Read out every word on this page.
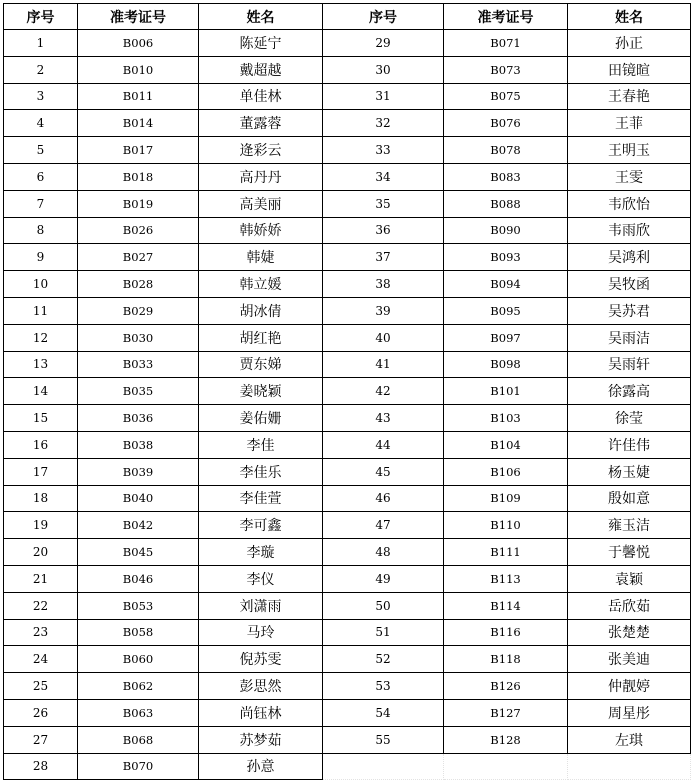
序号	准考证号	姓名	序号	准考证号	姓名
1	B006	陈延宁	29	B071	孙正
2	B010	戴超越	30	B073	田镜暄
3	B011	单佳林	31	B075	王春艳
4	B014	董露蓉	32	B076	王菲
5	B017	逄彩云	33	B078	王明玉
6	B018	高丹丹	34	B083	王雯
7	B019	高美丽	35	B088	韦欣怡
8	B026	韩娇娇	36	B090	韦雨欣
9	B027	韩婕	37	B093	吴鸿利
10	B028	韩立媛	38	B094	吴牧函
11	B029	胡冰倩	39	B095	吴苏君
12	B030	胡红艳	40	B097	吴雨洁
13	B033	贾东娣	41	B098	吴雨轩
14	B035	姜晓颖	42	B101	徐露高
15	B036	姜佑姗	43	B103	徐莹
16	B038	李佳	44	B104	许佳伟
17	B039	李佳乐	45	B106	杨玉婕
18	B040	李佳萱	46	B109	殷如意
19	B042	李可鑫	47	B110	雍玉洁
20	B045	李璇	48	B111	于馨悦
21	B046	李仪	49	B113	袁颖
22	B053	刘潇雨	50	B114	岳欣茹
23	B058	马玲	51	B116	张楚楚
24	B060	倪苏雯	52	B118	张美迪
25	B062	彭思然	53	B126	仲靓婷
26	B063	尚钰林	54	B127	周星彤
27	B068	苏梦茹	55	B128	左琪
28	B070	孙意			
